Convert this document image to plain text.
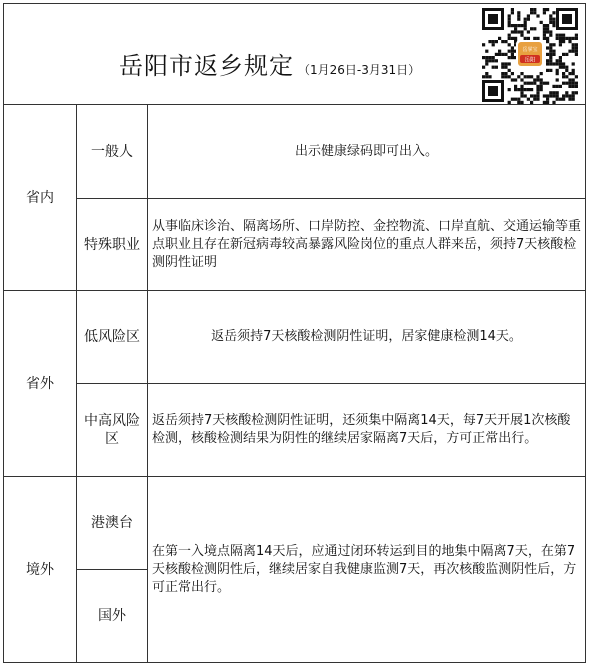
岳阳市返乡规定 （1月26日-3月31日）
岳掌宝
岳阳
省内
省外
境外
一般人
特殊职业
低风险区
中高风险区
港澳台
国外
出示健康绿码即可出入。
从事临床诊治、隔离场所、口岸防控、金控物流、口岸直航、交通运输等重点职业且存在新冠病毒较高暴露风险岗位的重点人群来岳，须持7天核酸检测阴性证明
返岳须持7天核酸检测阴性证明，居家健康检测14天。
返岳须持7天核酸检测阴性证明，还须集中隔离14天，每7天开展1次核酸检测，核酸检测结果为阴性的继续居家隔离7天后，方可正常出行。
在第一入境点隔离14天后，应通过闭环转运到目的地集中隔离7天，在第7天核酸检测阴性后，继续居家自我健康监测7天，再次核酸监测阴性后，方可正常出行。
